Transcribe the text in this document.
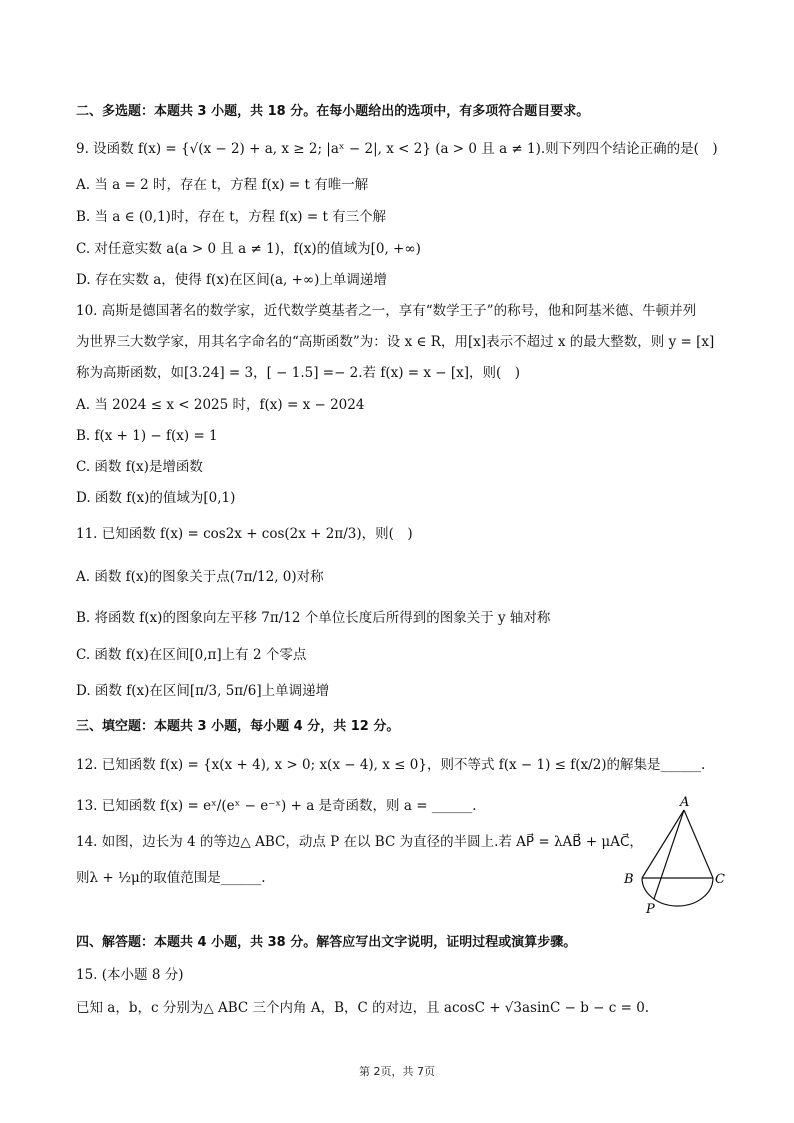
二、多选题：本题共 3 小题，共 18 分。在每小题给出的选项中，有多项符合题目要求。
9. 设函数 f(x) = {√(x − 2) + a, x ≥ 2; |aˣ − 2|, x < 2} (a > 0 且 a ≠ 1).则下列四个结论正确的是(　)
A. 当 a = 2 时，存在 t，方程 f(x) = t 有唯一解
B. 当 a ∈ (0,1)时，存在 t，方程 f(x) = t 有三个解
C. 对任意实数 a(a > 0 且 a ≠ 1)，f(x)的值域为[0, +∞)
D. 存在实数 a，使得 f(x)在区间(a, +∞)上单调递增
10. 高斯是德国著名的数学家，近代数学奠基者之一，享有“数学王子”的称号，他和阿基米德、牛顿并列
为世界三大数学家，用其名字命名的“高斯函数”为：设 x ∈ R，用[x]表示不超过 x 的最大整数，则 y = [x]
称为高斯函数，如[3.24] = 3，[ − 1.5] =− 2.若 f(x) = x − [x]，则(　)
A. 当 2024 ≤ x < 2025 时，f(x) = x − 2024
B. f(x + 1) − f(x) = 1
C. 函数 f(x)是增函数
D. 函数 f(x)的值域为[0,1)
11. 已知函数 f(x) = cos2x + cos(2x + 2π/3)，则(　)
A. 函数 f(x)的图象关于点(7π/12, 0)对称
B. 将函数 f(x)的图象向左平移 7π/12 个单位长度后所得到的图象关于 y 轴对称
C. 函数 f(x)在区间[0,π]上有 2 个零点
D. 函数 f(x)在区间[π/3, 5π/6]上单调递增
三、填空题：本题共 3 小题，每小题 4 分，共 12 分。
12. 已知函数 f(x) = {x(x + 4), x > 0; x(x − 4), x ≤ 0}，则不等式 f(x − 1) ≤ f(x/2)的解集是______.
13. 已知函数 f(x) = eˣ/(eˣ − e⁻ˣ) + a 是奇函数，则 a = ______.
14. 如图，边长为 4 的等边△ ABC，动点 P 在以 BC 为直径的半圆上.若 AP⃗ = λAB⃗ + μAC⃗，
则λ + ½μ的取值范围是______.
A
B	C
P
四、解答题：本题共 4 小题，共 38 分。解答应写出文字说明，证明过程或演算步骤。
15. (本小题 8 分)
已知 a，b，c 分别为△ ABC 三个内角 A，B，C 的对边，且 acosC + √3asinC − b − c = 0.
第 2页，共 7页
